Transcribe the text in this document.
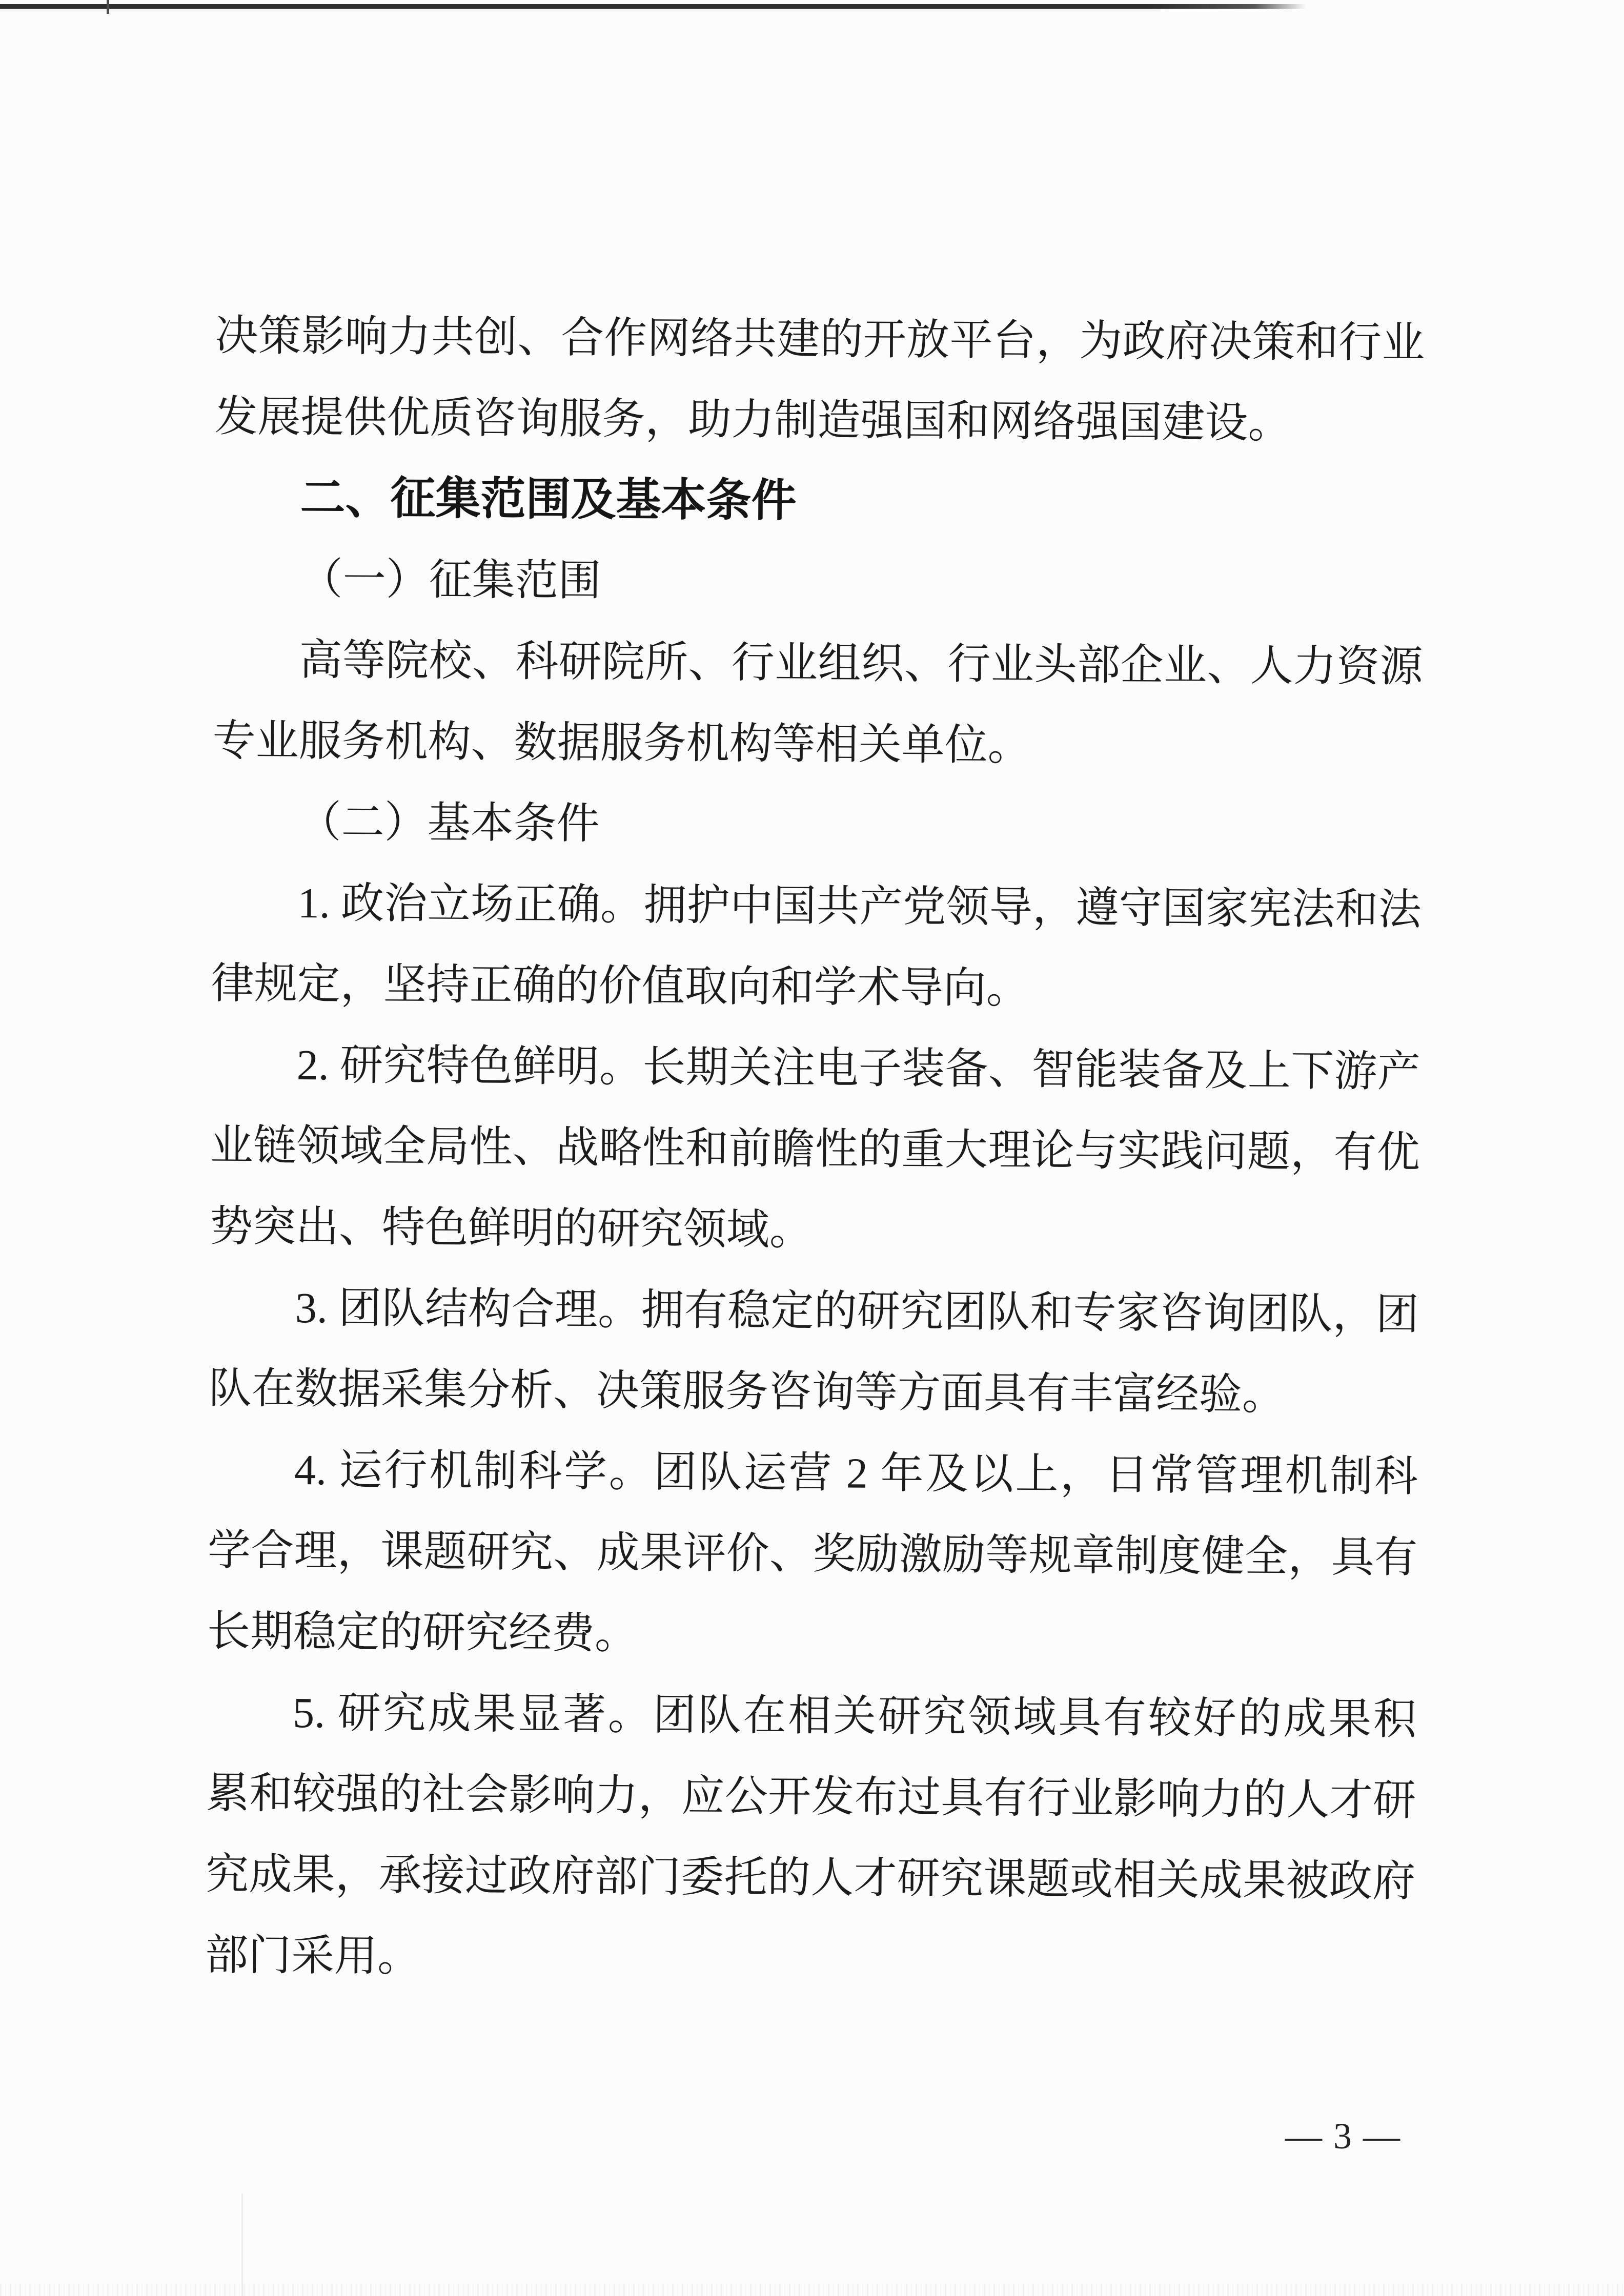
决策影响力共创、合作网络共建的开放平台，为政府决策和行业
发展提供优质咨询服务，助力制造强国和网络强国建设。
二、征集范围及基本条件
（一）征集范围
高等院校、科研院所、行业组织、行业头部企业、人力资源
专业服务机构、数据服务机构等相关单位。
（二）基本条件
1. 政治立场正确。拥护中国共产党领导，遵守国家宪法和法
律规定，坚持正确的价值取向和学术导向。
2. 研究特色鲜明。长期关注电子装备、智能装备及上下游产
业链领域全局性、战略性和前瞻性的重大理论与实践问题，有优
势突出、特色鲜明的研究领域。
3. 团队结构合理。拥有稳定的研究团队和专家咨询团队，团
队在数据采集分析、决策服务咨询等方面具有丰富经验。
4. 运行机制科学。团队运营 2 年及以上，日常管理机制科
学合理，课题研究、成果评价、奖励激励等规章制度健全，具有
长期稳定的研究经费。
5. 研究成果显著。团队在相关研究领域具有较好的成果积
累和较强的社会影响力，应公开发布过具有行业影响力的人才研
究成果，承接过政府部门委托的人才研究课题或相关成果被政府
部门采用。
— 3 —
